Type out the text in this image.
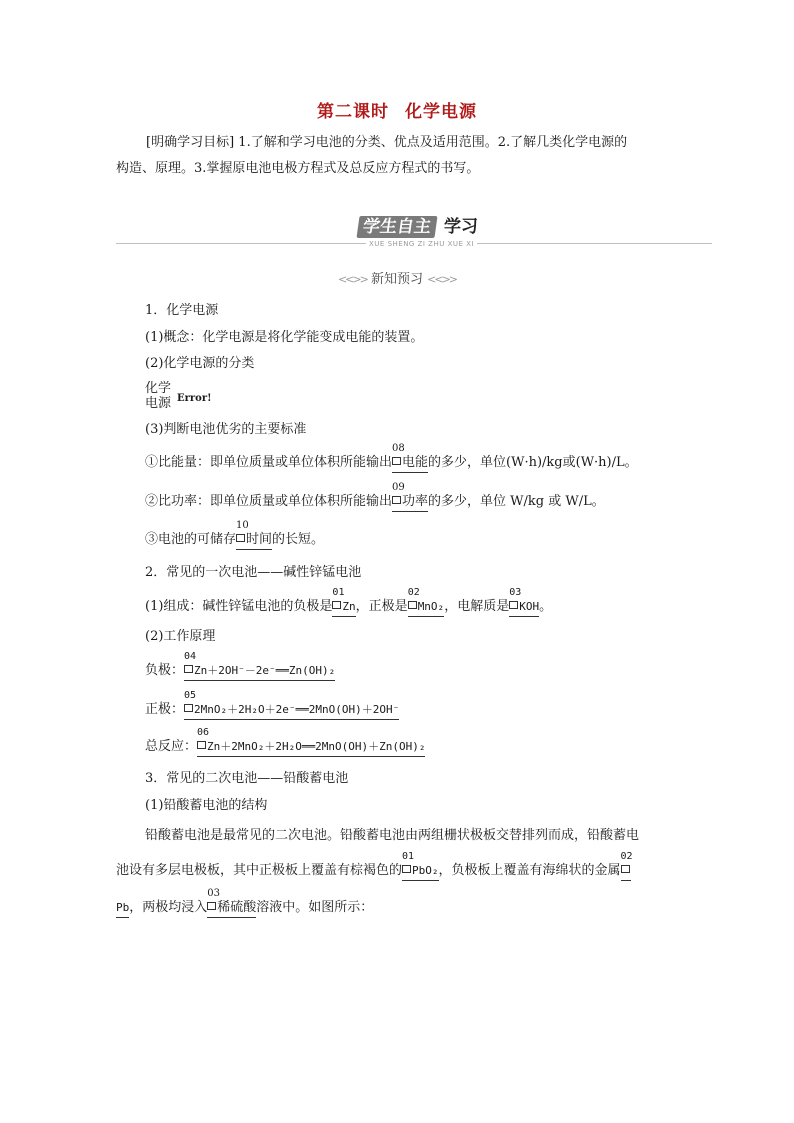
第二课时 化学电源
[明确学习目标] 1.了解和学习电池的分类、优点及适用范围。2.了解几类化学电源的
构造、原理。3.掌握原电池电极方程式及总反应方程式的书写。
学生自主 学习
XUE SHENG ZI ZHU XUE XI
<<>> 新知预习 <<>>
1．化学电源
(1)概念：化学电源是将化学能变成电能的装置。
(2)化学电源的分类
化学
电源 Error!
(3)判断电池优劣的主要标准
①比能量：即单位质量或单位体积所能输出
08
电能的多少，单位(W·h)/kg或(W·h)/L。
②比功率：即单位质量或单位体积所能输出
09
功率的多少，单位 W/kg 或 W/L。
③电池的可储存
10
时间的长短。
2．常见的一次电池——碱性锌锰电池
(1)组成：碱性锌锰电池的负极是
01
Zn，正极是
02
MnO₂，电解质是
03
KOH。
(2)工作原理
负极：
04
Zn＋2OH⁻－2e⁻══Zn(OH)₂
正极：
05
2MnO₂＋2H₂O＋2e⁻══2MnO(OH)＋2OH⁻
总反应：
06
Zn＋2MnO₂＋2H₂O══2MnO(OH)＋Zn(OH)₂
3．常见的二次电池——铅酸蓄电池
(1)铅酸蓄电池的结构
铅酸蓄电池是最常见的二次电池。铅酸蓄电池由两组栅状极板交替排列而成，铅酸蓄电
池设有多层电极板，其中正极板上覆盖有棕褐色的
01
PbO₂，负极板上覆盖有海绵状的金属
02
Pb，两极均浸入
03
稀硫酸溶液中。如图所示：
